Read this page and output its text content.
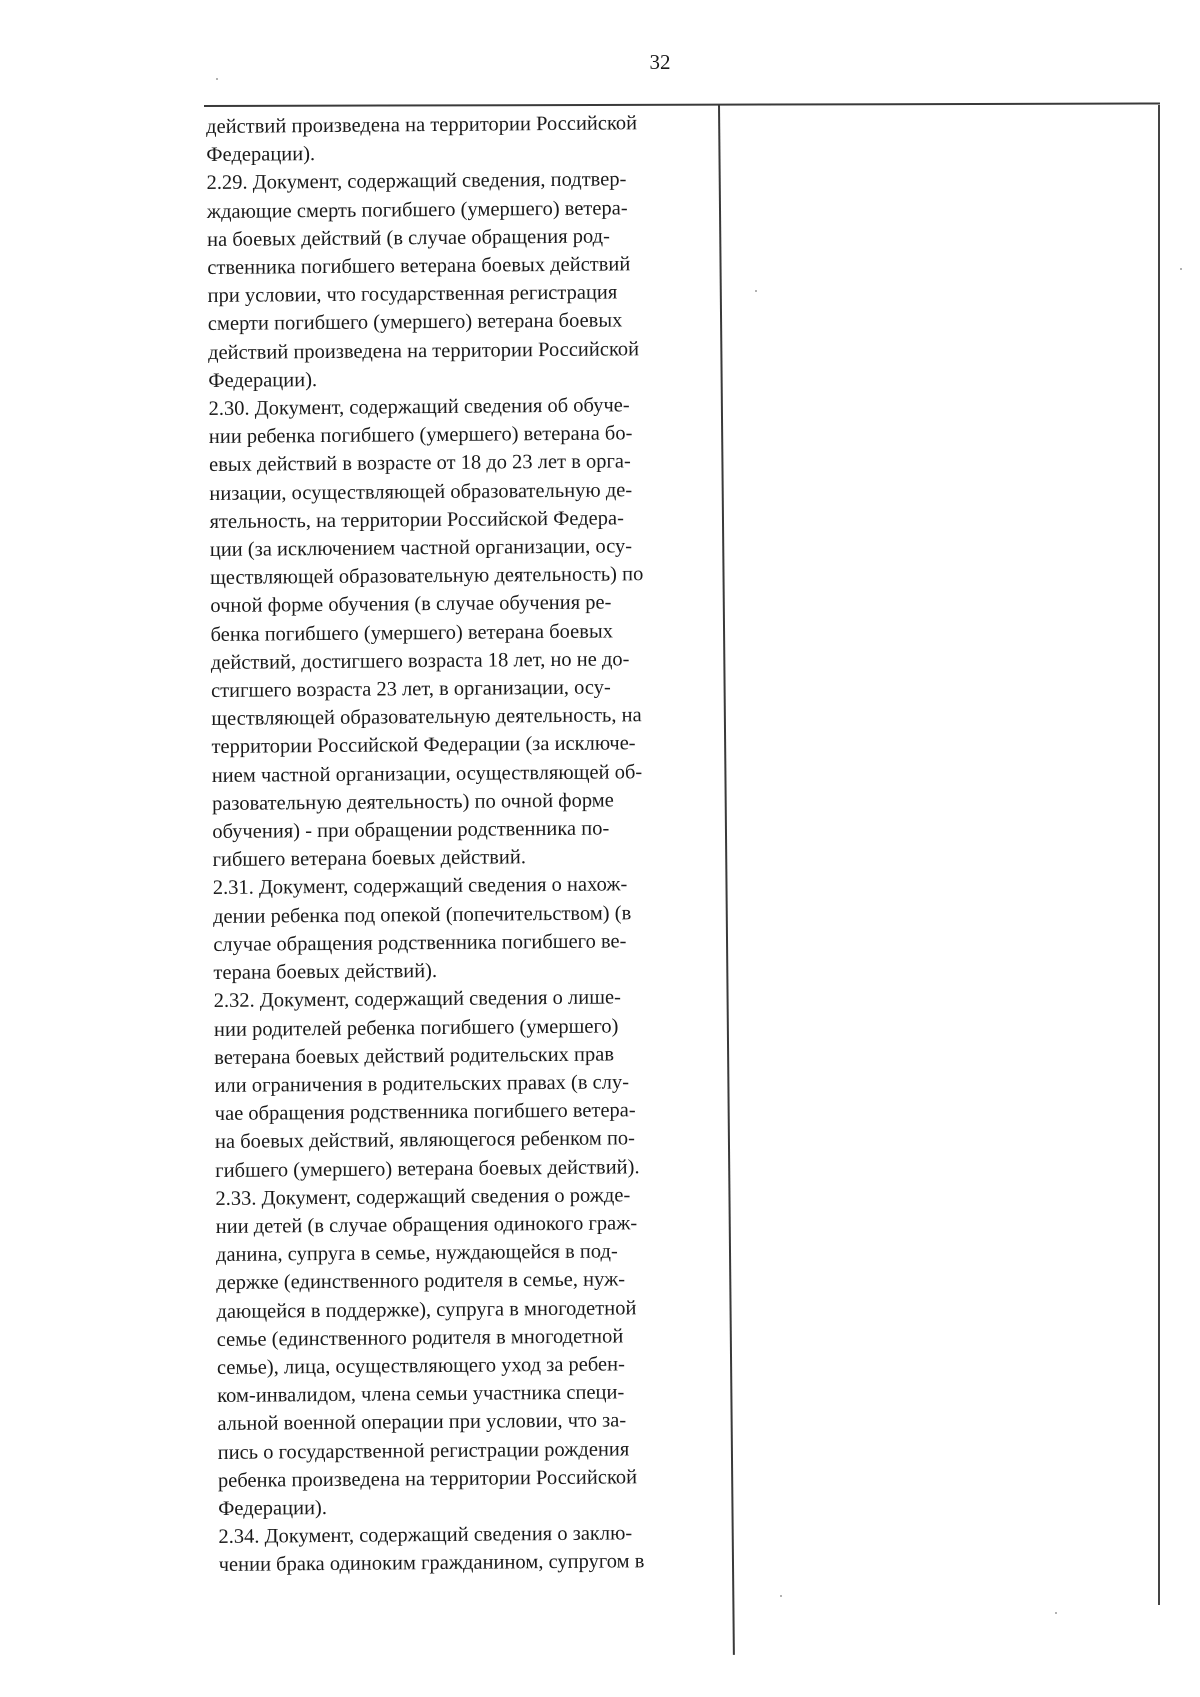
32

действий произведена на территории Российской
Федерации).

2.29. Документ, содержащий сведения, подтвер-
ждающие смерть погибшего (умершего) ветера-
на боевых действий (в случае обращения род-
ственника погибшего ветерана боевых действий
при условии, что государственная регистрация
смерти погибшего (умершего) ветерана боевых
действий произведена на территории Российской
Федерации).

2.30. Документ, содержащий сведения об обуче-
нии ребенка погибшего (умершего) ветерана бо-
евых действий в возрасте от 18 до 23 лет в орга-
низации, осуществляющей образовательную де-
ятельность, на территории Российской Федера-
ции (за исключением частной организации, осу-
ществляющей образовательную деятельность) по
очной форме обучения (в случае обучения ре-
бенка погибшего (умершего) ветерана боевых
действий, достигшего возраста 18 лет, но не до-
стигшего возраста 23 лет, в организации, осу-
ществляющей образовательную деятельность, на
территории Российской Федерации (за исключе-
нием частной организации, осуществляющей об-
разовательную деятельность) по очной форме
обучения) - при обращении родственника по-
гибшего ветерана боевых действий.

2.31. Документ, содержащий сведения о нахож-
дении ребенка под опекой (попечительством) (в
случае обращения родственника погибшего ве-
терана боевых действий).

2.32. Документ, содержащий сведения о лише-
нии родителей ребенка погибшего (умершего)
ветерана боевых действий родительских прав
или ограничения в родительских правах (в слу-
чае обращения родственника погибшего ветера-
на боевых действий, являющегося ребенком по-
гибшего (умершего) ветерана боевых действий).

2.33. Документ, содержащий сведения о рожде-
нии детей (в случае обращения одинокого граж-
данина, супруга в семье, нуждающейся в под-
держке (единственного родителя в семье, нуж-
дающейся в поддержке), супруга в многодетной
семье (единственного родителя в многодетной
семье), лица, осуществляющего уход за ребен-
ком-инвалидом, члена семьи участника специ-
альной военной операции при условии, что за-
пись о государственной регистрации рождения
ребенка произведена на территории Российской
Федерации).

2.34. Документ, содержащий сведения о заклю-
чении брака одиноким гражданином, супругом в
